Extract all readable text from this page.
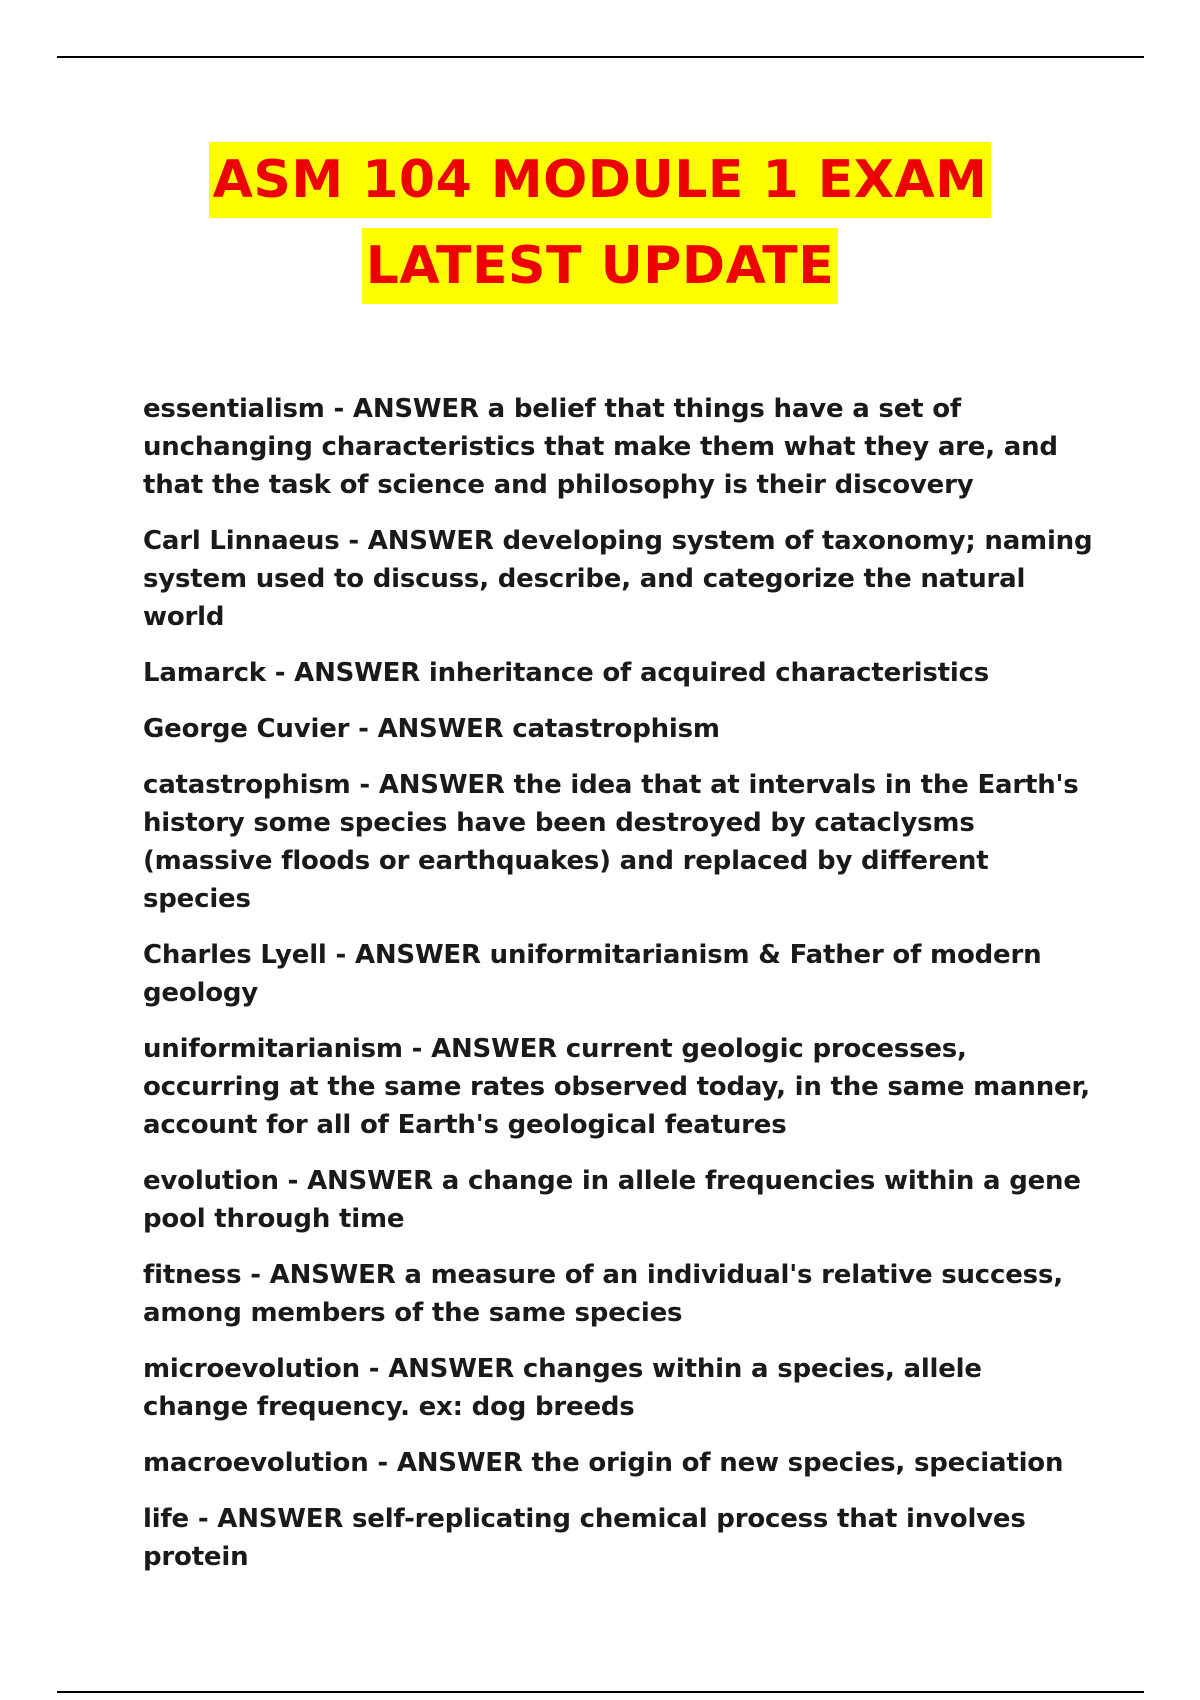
ASM 104 MODULE 1 EXAM
LATEST UPDATE

essentialism - ANSWER a belief that things have a set of unchanging characteristics that make them what they are, and that the task of science and philosophy is their discovery

Carl Linnaeus - ANSWER developing system of taxonomy; naming system used to discuss, describe, and categorize the natural world

Lamarck - ANSWER inheritance of acquired characteristics

George Cuvier - ANSWER catastrophism

catastrophism - ANSWER the idea that at intervals in the Earth's history some species have been destroyed by cataclysms (massive floods or earthquakes) and replaced by different species

Charles Lyell - ANSWER uniformitarianism & Father of modern geology

uniformitarianism - ANSWER current geologic processes, occurring at the same rates observed today, in the same manner, account for all of Earth's geological features

evolution - ANSWER a change in allele frequencies within a gene pool through time

fitness - ANSWER a measure of an individual's relative success, among members of the same species

microevolution - ANSWER changes within a species, allele change frequency. ex: dog breeds

macroevolution - ANSWER the origin of new species, speciation

life - ANSWER self-replicating chemical process that involves protein
